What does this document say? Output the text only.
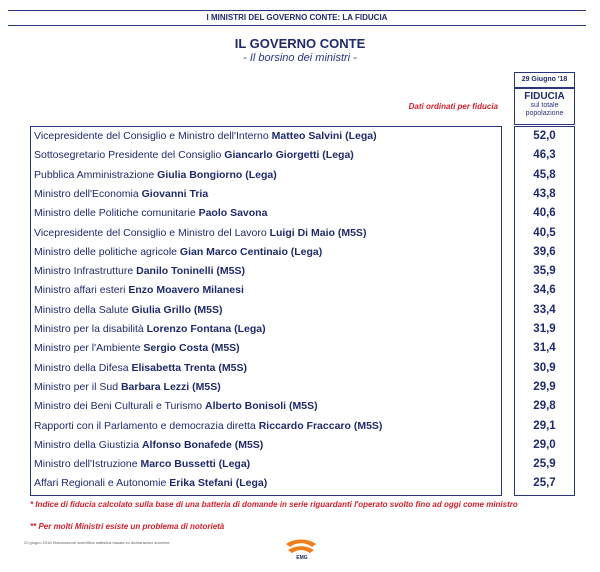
I MINISTRI DEL GOVERNO CONTE: LA FIDUCIA
IL GOVERNO CONTE
- Il borsino dei ministri -
29 Giugno '18
FIDUCIA
sul totale
popolazione
Dati ordinati per fiducia
Vicepresidente del Consiglio e Ministro dell'Interno Matteo Salvini (Lega)
Sottosegretario Presidente del Consiglio Giancarlo Giorgetti (Lega)
Pubblica Amministrazione Giulia Bongiorno (Lega)
Ministro dell'Economia Giovanni Tria
Ministro delle Politiche comunitarie Paolo Savona
Vicepresidente del Consiglio e Ministro del Lavoro Luigi Di Maio (M5S)
Ministro delle politiche agricole Gian Marco Centinaio (Lega)
Ministro Infrastrutture Danilo Toninelli (M5S)
Ministro affari esteri Enzo Moavero Milanesi
Ministro della Salute Giulia Grillo (M5S)
Ministro per la disabilità Lorenzo Fontana (Lega)
Ministro per l'Ambiente Sergio Costa (M5S)
Ministro della Difesa Elisabetta Trenta (M5S)
Ministro per il Sud Barbara Lezzi (M5S)
Ministro dei Beni Culturali e Turismo Alberto Bonisoli (M5S)
Rapporti con il Parlamento e democrazia diretta Riccardo Fraccaro (M5S)
Ministro della Giustizia Alfonso Bonafede (M5S)
Ministro dell'Istruzione Marco Bussetti (Lega)
Affari Regionali e Autonomie Erika Stefani (Lega)
52,0
46,3
45,8
43,8
40,6
40,5
39,6
35,9
34,6
33,4
31,9
31,4
30,9
29,9
29,8
29,1
29,0
25,9
25,7
* Indice di fiducia calcolato sulla base di una batteria di domande in serie riguardanti l'operato svolto fino ad oggi come ministro
** Per molti Ministri esiste un problema di notorietà
29 giugno 2018 Elaborazione scientifica statistica basata su dichiarazioni anonime
EMG
